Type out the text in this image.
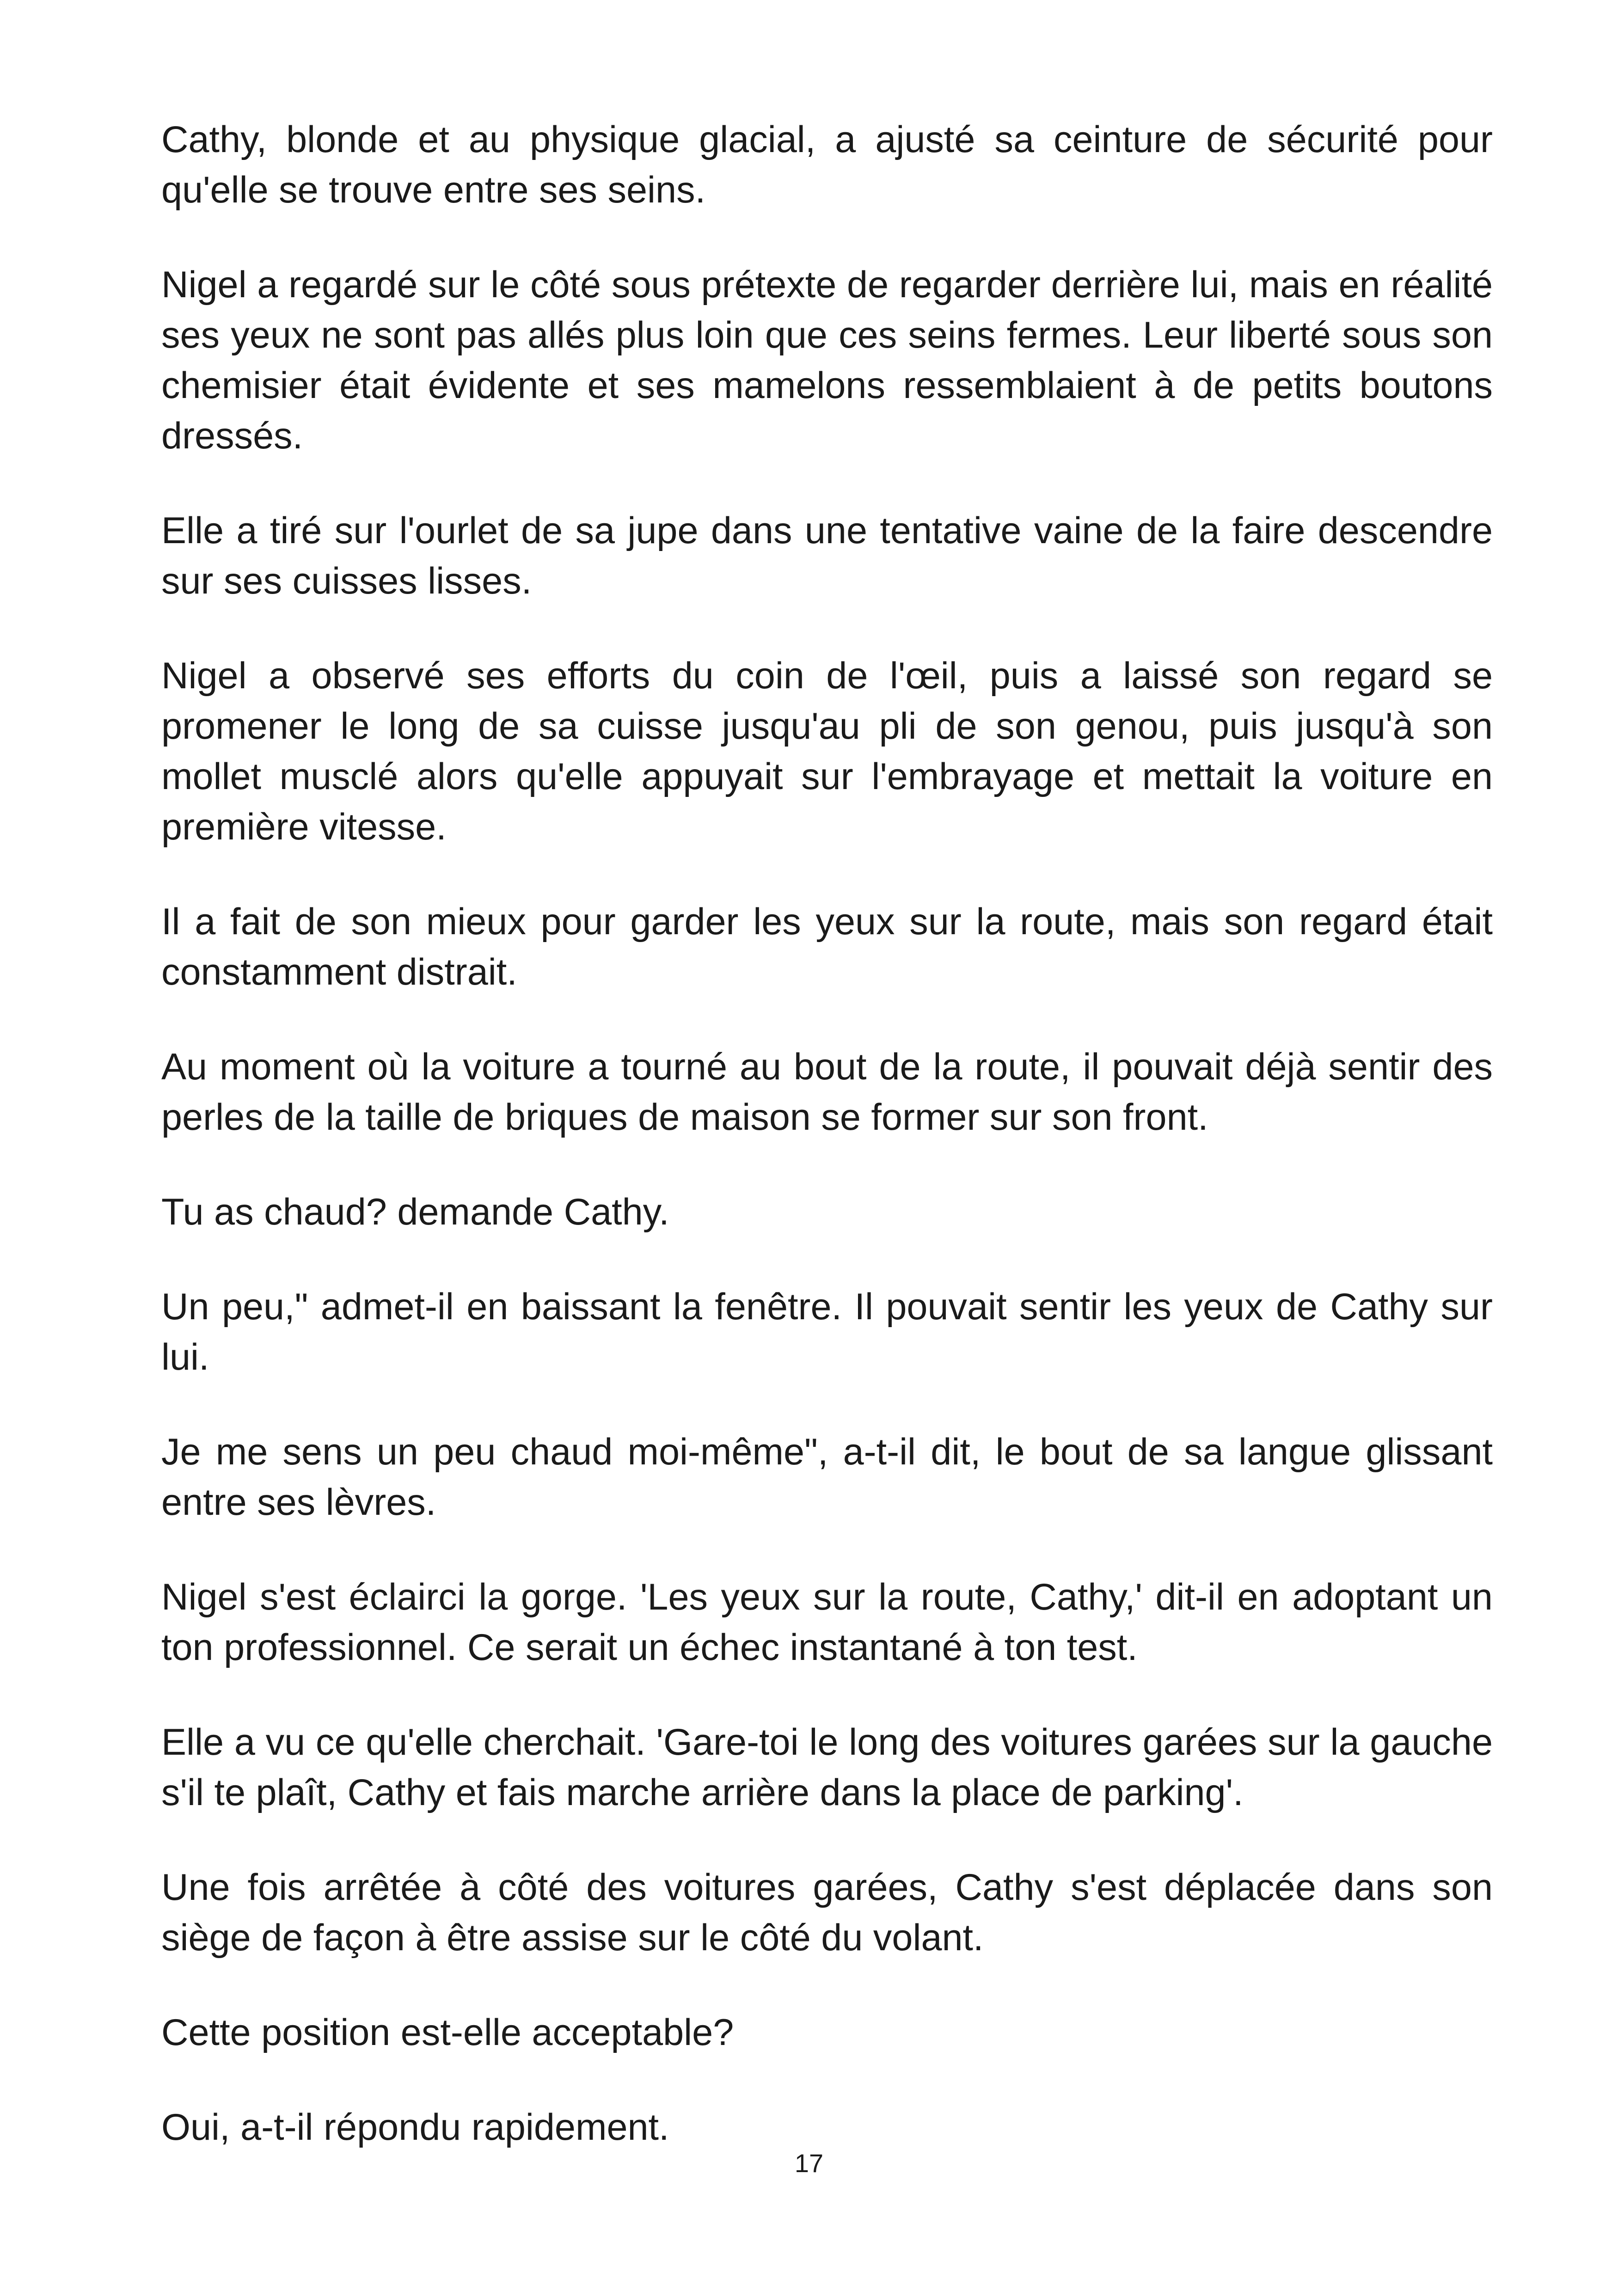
Cathy, blonde et au physique glacial, a ajusté sa ceinture de sécurité pour qu'elle se trouve entre ses seins.

Nigel a regardé sur le côté sous prétexte de regarder derrière lui, mais en réalité ses yeux ne sont pas allés plus loin que ces seins fermes. Leur liberté sous son chemisier était évidente et ses mamelons ressemblaient à de petits boutons dressés.

Elle a tiré sur l'ourlet de sa jupe dans une tentative vaine de la faire descendre sur ses cuisses lisses.

Nigel a observé ses efforts du coin de l'œil, puis a laissé son regard se promener le long de sa cuisse jusqu'au pli de son genou, puis jusqu'à son mollet musclé alors qu'elle appuyait sur l'embrayage et mettait la voiture en première vitesse.

Il a fait de son mieux pour garder les yeux sur la route, mais son regard était constamment distrait.

Au moment où la voiture a tourné au bout de la route, il pouvait déjà sentir des perles de la taille de briques de maison se former sur son front.

Tu as chaud? demande Cathy.

Un peu," admet-il en baissant la fenêtre. Il pouvait sentir les yeux de Cathy sur lui.

Je me sens un peu chaud moi-même", a-t-il dit, le bout de sa langue glissant entre ses lèvres.

Nigel s'est éclairci la gorge. 'Les yeux sur la route, Cathy,' dit-il en adoptant un ton professionnel. Ce serait un échec instantané à ton test.

Elle a vu ce qu'elle cherchait. 'Gare-toi le long des voitures garées sur la gauche s'il te plaît, Cathy et fais marche arrière dans la place de parking'.

Une fois arrêtée à côté des voitures garées, Cathy s'est déplacée dans son siège de façon à être assise sur le côté du volant.

Cette position est-elle acceptable?

Oui, a-t-il répondu rapidement.

17
